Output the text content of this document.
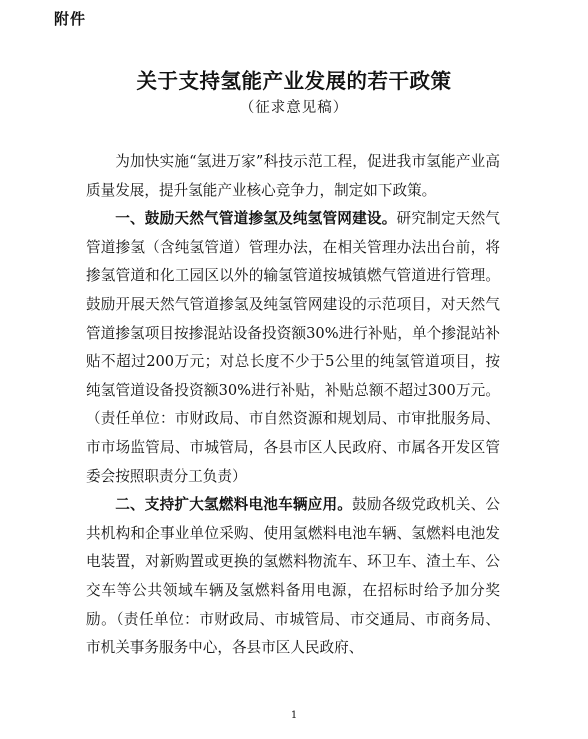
附件
关于支持氢能产业发展的若干政策
（征求意见稿）

为加快实施“氢进万家”科技示范工程，促进我市氢能产业高质量发展，提升氢能产业核心竞争力，制定如下政策。

一、鼓励天然气管道掺氢及纯氢管网建设。研究制定天然气管道掺氢（含纯氢管道）管理办法，在相关管理办法出台前，将掺氢管道和化工园区以外的输氢管道按城镇燃气管道进行管理。鼓励开展天然气管道掺氢及纯氢管网建设的示范项目，对天然气管道掺氢项目按掺混站设备投资额30%进行补贴，单个掺混站补贴不超过200万元；对总长度不少于5公里的纯氢管道项目，按纯氢管道设备投资额30%进行补贴，补贴总额不超过300万元。（责任单位：市财政局、市自然资源和规划局、市审批服务局、市市场监管局、市城管局，各县市区人民政府、市属各开发区管委会按照职责分工负责）

二、支持扩大氢燃料电池车辆应用。鼓励各级党政机关、公共机构和企事业单位采购、使用氢燃料电池车辆、氢燃料电池发电装置，对新购置或更换的氢燃料物流车、环卫车、渣土车、公交车等公共领域车辆及氢燃料备用电源，在招标时给予加分奖励。（责任单位：市财政局、市城管局、市交通局、市商务局、市机关事务服务中心，各县市区人民政府、

1
